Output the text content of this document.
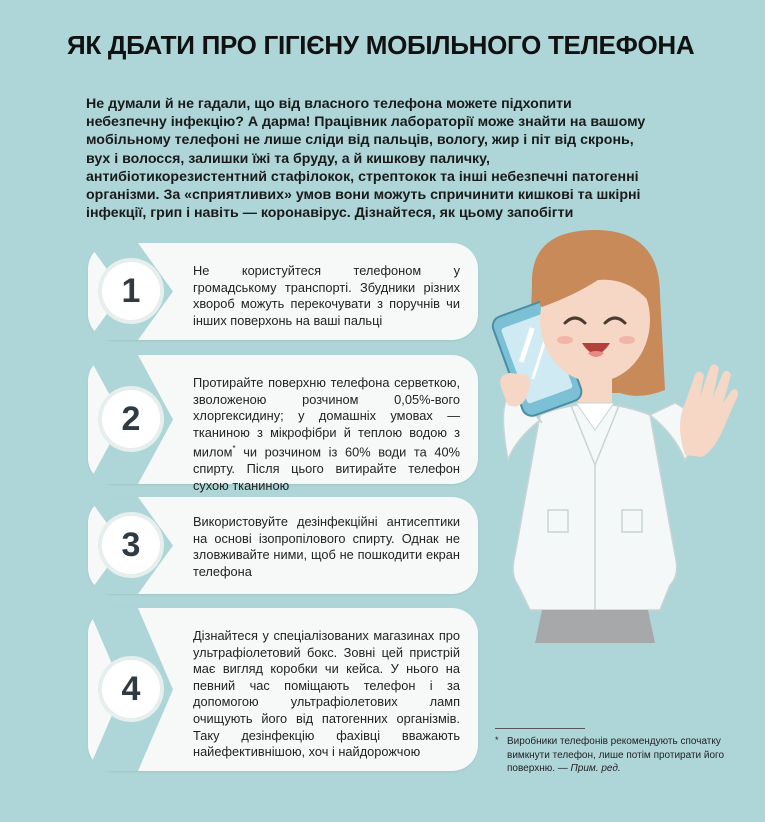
ЯК ДБАТИ ПРО ГІГІЄНУ МОБІЛЬНОГО ТЕЛЕФОНА
Не думали й не гадали, що від власного телефона можете підхопити небезпечну інфекцію? А дарма! Працівник лабораторії може знайти на вашому мобільному телефоні не лише сліди від пальців, вологу, жир і піт від скронь, вух і волосся, залишки їжі та бруду, а й кишкову паличку, антибіотикорезистентний стафілокок, стрептокок та інші небезпечні патогенні організми. За «сприятливих» умов вони можуть спричинити кишкові та шкірні інфекції, грип і навіть — коронавірус. Дізнайтеся, як цьому запобігти
1
Не користуйтеся телефоном у громадському транспорті. Збудники різних хвороб можуть перекочувати з поручнів чи інших поверхонь на ваші пальці
2
Протирайте поверхню телефона серветкою, зволоженою розчином 0,05%-вого хлоргексидину; у домашніх умовах — тканиною з мікрофібри й теплою водою з милом* чи розчином із 60% води та 40% спирту. Після цього витирайте телефон сухою тканиною
3
Використовуйте дезінфекційні антисептики на основі ізопропілового спирту. Однак не зловживайте ними, щоб не пошкодити екран телефона
4
Дізнайтеся у спеціалізованих магазинах про ультрафіолетовий бокс. Зовні цей пристрій має вигляд коробки чи кейса. У нього на певний час поміщають телефон і за допомогою ультрафіолетових ламп очищують його від патогенних організмів. Таку дезінфекцію фахівці вважають найефективнішою, хоч і найдорожчою
* Виробники телефонів рекомендують спочатку вимкнути телефон, лише потім протирати його поверхню. — Прим. ред.
